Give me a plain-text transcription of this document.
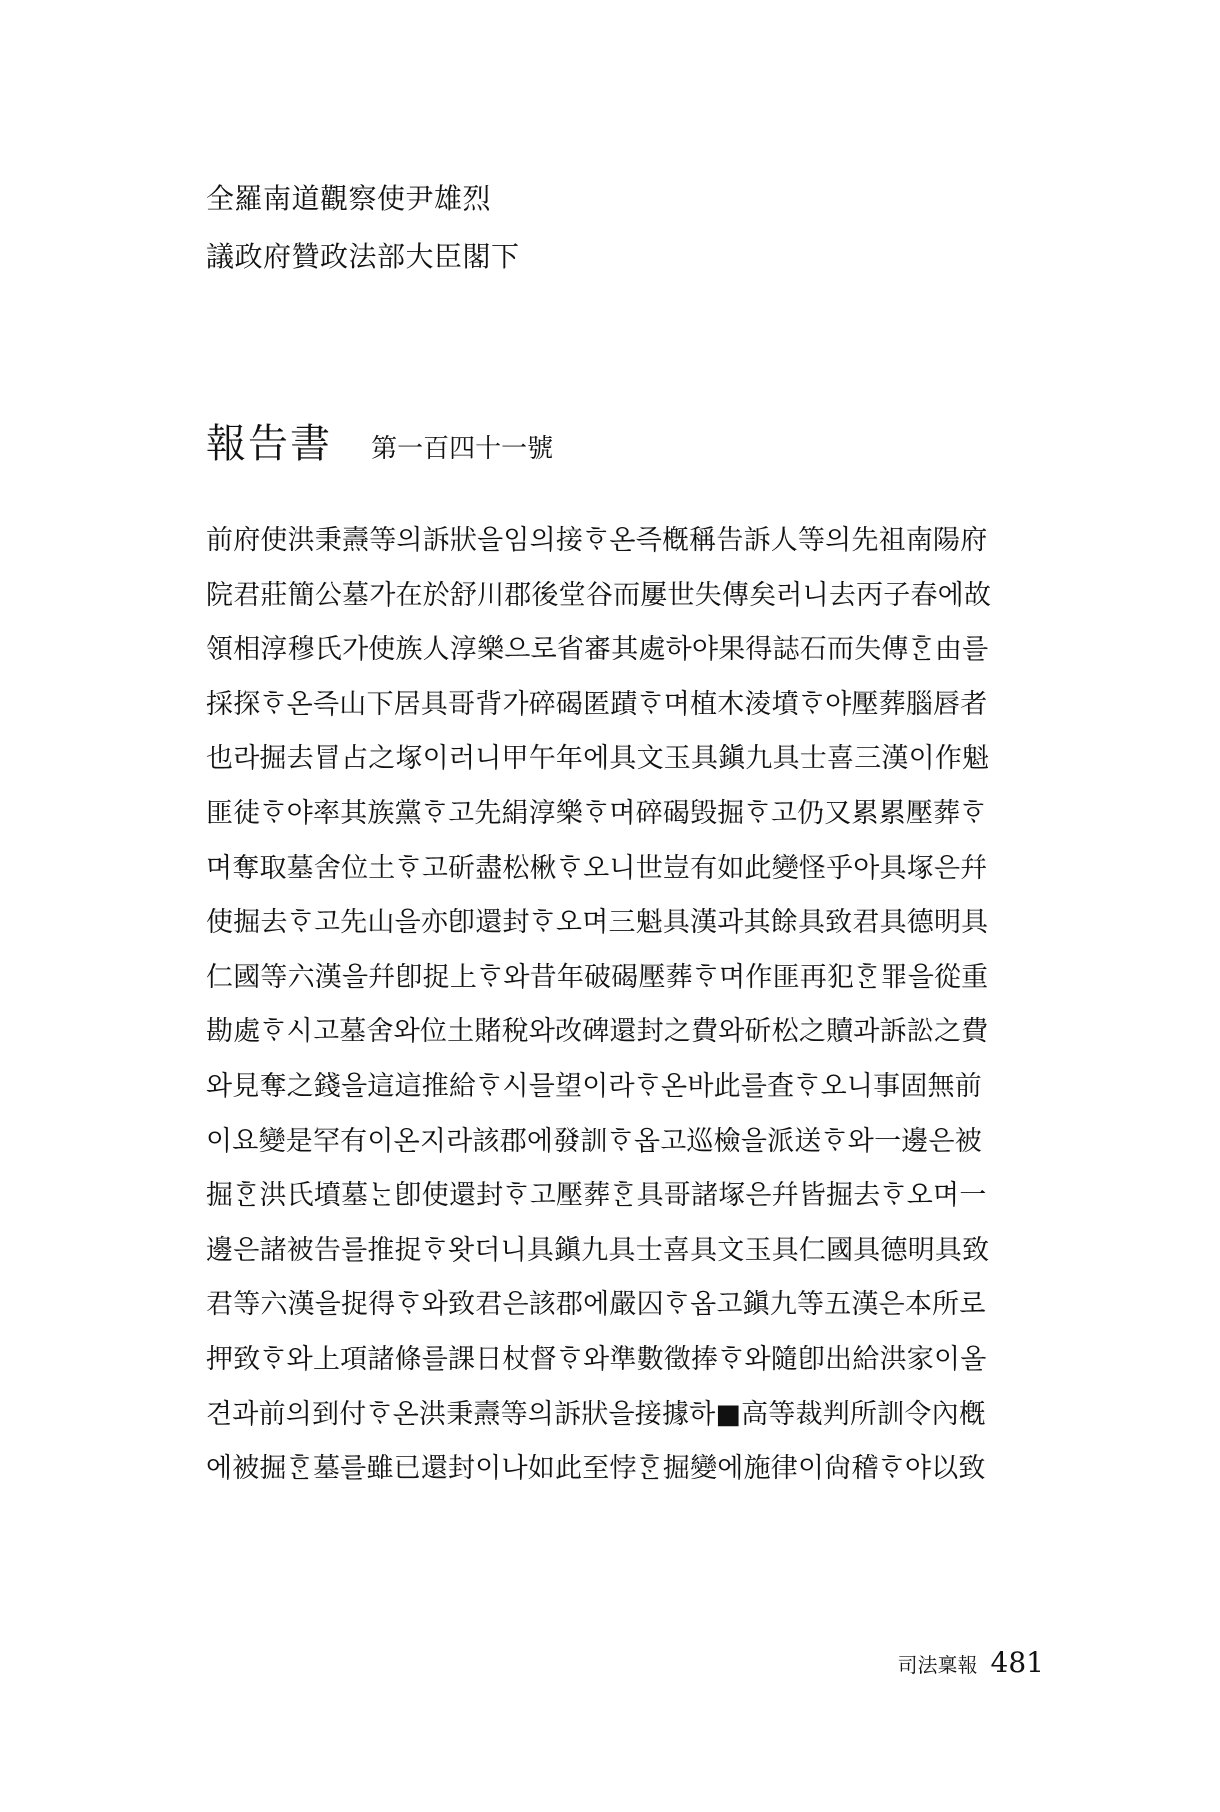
全羅南道觀察使尹雄烈
議政府贊政法部大臣閣下
報告書 第一百四十一號
前府使洪秉燾等의訴狀을임의接ᄒᆞ온즉槪稱告訴人等의先祖南陽府
院君莊簡公墓가在於舒川郡後堂谷而屢世失傳矣러니去丙子春에故
領相淳穆氏가使族人淳樂으로省審其處하야果得誌石而失傳ᄒᆞᆫ由를
採探ᄒᆞ온즉山下居具哥背가碎碣匿蹟ᄒᆞ며植木淩墳ᄒᆞ야壓葬腦唇者
也라掘去冒占之塚이러니甲午年에具文玉具鎭九具士喜三漢이作魁
匪徒ᄒᆞ야率其族黨ᄒᆞ고先絹淳樂ᄒᆞ며碎碣毁掘ᄒᆞ고仍又累累壓葬ᄒᆞ
며奪取墓舍位土ᄒᆞ고斫盡松楸ᄒᆞ오니世豈有如此變怪乎아具塚은幷
使掘去ᄒᆞ고先山을亦卽還封ᄒᆞ오며三魁具漢과其餘具致君具德明具
仁國等六漢을幷卽捉上ᄒᆞ와昔年破碣壓葬ᄒᆞ며作匪再犯ᄒᆞᆫ罪을從重
勘處ᄒᆞ시고墓舍와位土賭稅와改碑還封之費와斫松之贖과訴訟之費
와見奪之錢을這這推給ᄒᆞ시믈望이라ᄒᆞ온바此를査ᄒᆞ오니事固無前
이요變是罕有이온지라該郡에發訓ᄒᆞ옵고巡檢을派送ᄒᆞ와一邊은被
掘ᄒᆞᆫ洪氏墳墓ᄂᆞᆫ卽使還封ᄒᆞ고壓葬ᄒᆞᆫ具哥諸塚은幷皆掘去ᄒᆞ오며一
邊은諸被告를推捉ᄒᆞ왓더니具鎭九具士喜具文玉具仁國具德明具致
君等六漢을捉得ᄒᆞ와致君은該郡에嚴囚ᄒᆞ옵고鎭九等五漢은本所로
押致ᄒᆞ와上項諸條를課日杖督ᄒᆞ와準數徵捧ᄒᆞ와隨卽出給洪家이올
견과前의到付ᄒᆞ온洪秉燾等의訴狀을接據하■高等裁判所訓令內槪
에被掘ᄒᆞᆫ墓를雖已還封이나如此至悖ᄒᆞᆫ掘變에施律이尙稽ᄒᆞ야以致
司法稟報 481
